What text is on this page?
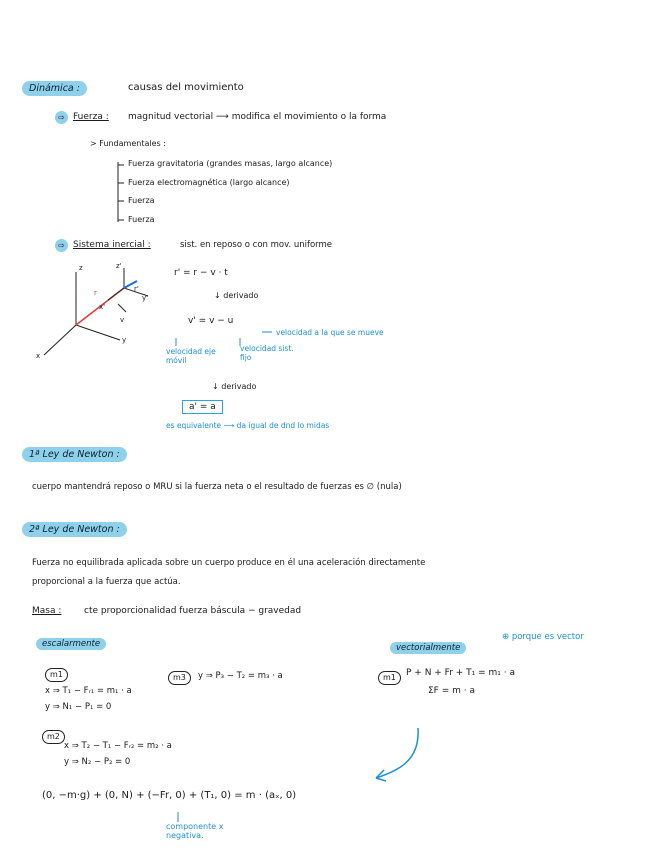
Dinámica :	causas del movimiento
⇨ Fuerza : magnitud vectorial ⟶ modifica el movimiento o la forma
> Fundamentales :
Fuerza gravitatoria (grandes masas, largo alcance)
Fuerza electromagnética (largo alcance)
Fuerza
Fuerza
⇨ Sistema inercial :	sist. en reposo o con mov. uniforme
z
x
y
z'
y'
x'
r	r'
v
r' = r − v · t
↓ derivado
v' = v − u
velocidad a la que se mueve
velocidad eje móvil
velocidad sist. fijo
↓ derivado
a' = a
es equivalente ⟶ da igual de dnd lo midas
1ª Ley de Newton :
cuerpo mantendrá reposo o MRU si la fuerza neta o el resultado de fuerzas es ∅ (nula)
2ª Ley de Newton :
Fuerza no equilibrada aplicada sobre un cuerpo produce en él una aceleración directamente
proporcional a la fuerza que actúa.
Masa :	cte proporcionalidad fuerza báscula − gravedad
escalarmente
m1
x ⇒ T₁ − Fᵣ₁ = m₁ · a
y ⇒ N₁ − P₁ = 0
m2
x ⇒ T₂ − T₁ − Fᵣ₂ = m₂ · a
y ⇒ N₂ − P₂ = 0
m3	y ⇒ P₃ − T₂ = m₃ · a
vectorialmente
⊕ porque es vector
m1	P + N + Fr + T₁ = m₁ · a
ΣF = m · a
(0, −m·g) + (0, N) + (−Fr, 0) + (T₁, 0) = m · (aₓ, 0)
componente x negativa.
